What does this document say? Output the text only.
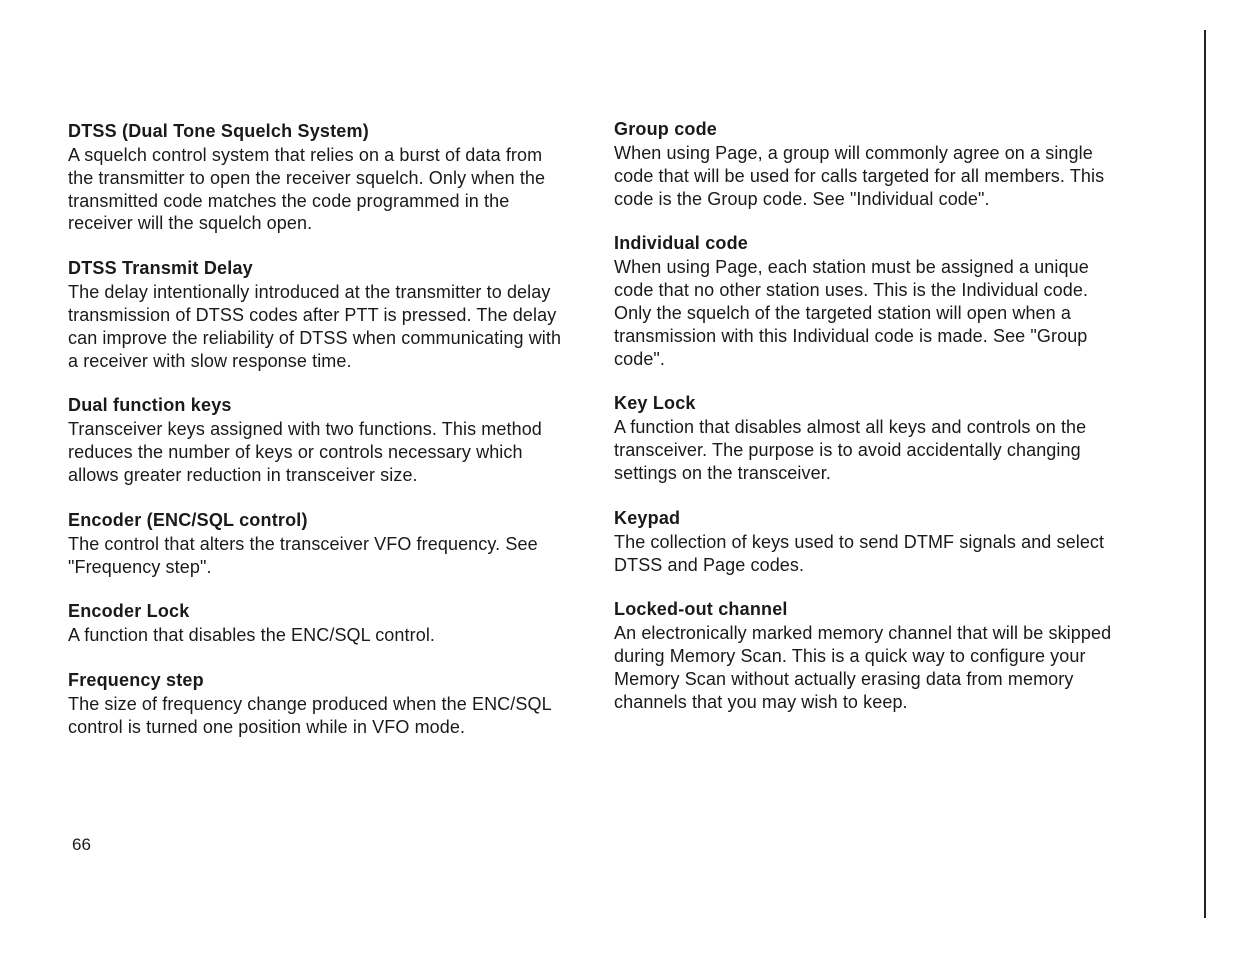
DTSS (Dual Tone Squelch System)

A squelch control system that relies on a burst of data from the transmitter to open the receiver squelch. Only when the transmitted code matches the code programmed in the receiver will the squelch open.

DTSS Transmit Delay

The delay intentionally introduced at the transmitter to delay transmission of DTSS codes after PTT is pressed. The delay can improve the reliability of DTSS when communicating with a receiver with slow response time.

Dual function keys

Transceiver keys assigned with two functions. This method reduces the number of keys or controls necessary which allows greater reduction in transceiver size.

Encoder (ENC/SQL control)

The control that alters the transceiver VFO frequency. See "Frequency step".

Encoder Lock

A function that disables the ENC/SQL control.

Frequency step

The size of frequency change produced when the ENC/SQL control is turned one position while in VFO mode.

Group code

When using Page, a group will commonly agree on a single code that will be used for calls targeted for all members. This code is the Group code. See "Individual code".

Individual code

When using Page, each station must be assigned a unique code that no other station uses. This is the Individual code. Only the squelch of the targeted station will open when a transmission with this Individual code is made. See "Group code".

Key Lock

A function that disables almost all keys and controls on the transceiver. The purpose is to avoid accidentally changing settings on the transceiver.

Keypad

The collection of keys used to send DTMF signals and select DTSS and Page codes.

Locked-out channel

An electronically marked memory channel that will be skipped during Memory Scan. This is a quick way to configure your Memory Scan without actually erasing data from memory channels that you may wish to keep.

66
